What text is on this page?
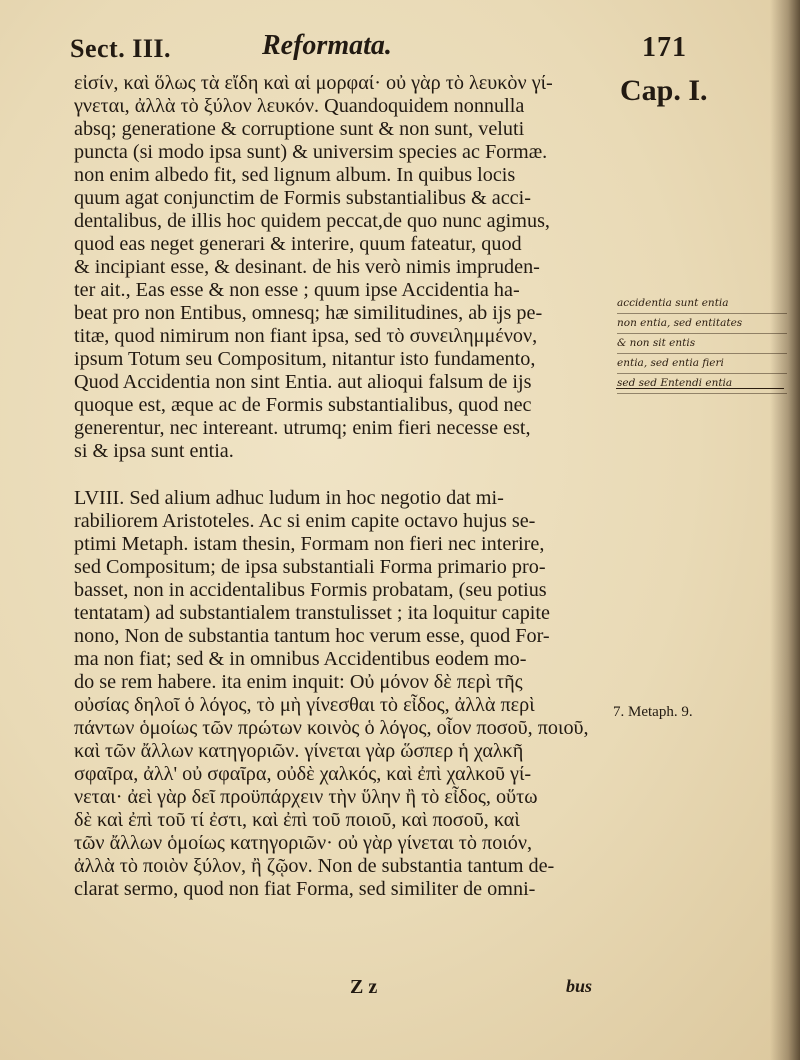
Sect. III.	Reformata.	171
Cap. I.
εἰσίν, καὶ ὅλως τὰ εἴδη καὶ αἱ μορφαί· οὐ γὰρ τὸ λευκὸν γί-
γνεται, ἀλλὰ τὸ ξύλον λευκόν. Quandoquidem nonnulla
absq; generatione & corruptione sunt & non sunt, veluti
puncta (si modo ipsa sunt) & universim species ac Formæ.
non enim albedo fit, sed lignum album. In quibus locis
quum agat conjunctim de Formis substantialibus & acci-
dentalibus, de illis hoc quidem peccat,de quo nunc agimus,
quod eas neget generari & interire, quum fateatur, quod
& incipiant esse, & desinant. de his verò nimis impruden-
ter ait., Eas esse & non esse ; quum ipse Accidentia ha-
beat pro non Entibus, omnesq; hæ similitudines, ab ijs pe-
titæ, quod nimirum non fiant ipsa, sed τὸ συνειλημμένον,
ipsum Totum seu Compositum, nitantur isto fundamento,
Quod Accidentia non sint Entia. aut alioqui falsum de ijs
quoque est, æque ac de Formis substantialibus, quod nec
generentur, nec intereant. utrumq; enim fieri necesse est,
si & ipsa sunt entia.
LVIII. Sed alium adhuc ludum in hoc negotio dat mi-
rabiliorem Aristoteles. Ac si enim capite octavo hujus se-
ptimi Metaph. istam thesin, Formam non fieri nec interire,
sed Compositum; de ipsa substantiali Forma primario pro-
basset, non in accidentalibus Formis probatam, (seu potius
tentatam) ad substantialem transtulisset ; ita loquitur capite
nono, Non de substantia tantum hoc verum esse, quod For-
ma non fiat; sed & in omnibus Accidentibus eodem mo-
do se rem habere. ita enim inquit: Οὐ μόνον δὲ περὶ τῆς
οὐσίας δηλοῖ ὁ λόγος, τὸ μὴ γίνεσθαι τὸ εἶδος, ἀλλὰ περὶ
πάντων ὁμοίως τῶν πρώτων κοινὸς ὁ λόγος, οἷον ποσοῦ, ποιοῦ,
καὶ τῶν ἄλλων κατηγοριῶν. γίνεται γὰρ ὥσπερ ἡ χαλκῆ
σφαῖρα, ἀλλ' οὐ σφαῖρα, οὐδὲ χαλκός, καὶ ἐπὶ χαλκοῦ γί-
νεται· ἀεὶ γὰρ δεῖ προϋπάρχειν τὴν ὕλην ἢ τὸ εἶδος, οὕτω
δὲ καὶ ἐπὶ τοῦ τί ἐστι, καὶ ἐπὶ τοῦ ποιοῦ, καὶ ποσοῦ, καὶ
τῶν ἄλλων ὁμοίως κατηγοριῶν· οὐ γὰρ γίνεται τὸ ποιόν,
ἀλλὰ τὸ ποιὸν ξύλον, ἢ ζῷον. Non de substantia tantum de-
clarat sermo, quod non fiat Forma, sed similiter de omni-
accidentia sunt entia
non entia, sed entitates
& non sit entis
entia, sed entia fieri
sed sed Entendi entia
7. Metaph. 9.
Z z	bus
